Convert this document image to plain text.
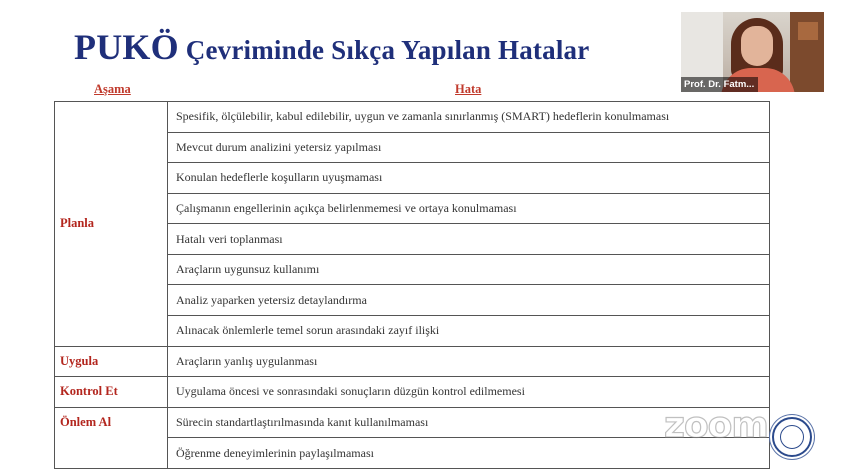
PUKÖ Çevriminde Sıkça Yapılan Hatalar
Aşama	Hata
Planla	Spesifik, ölçülebilir, kabul edilebilir, uygun ve zamanla sınırlanmış (SMART) hedeflerin konulmaması
	Mevcut durum analizini yetersiz yapılması
	Konulan hedeflerle koşulların uyuşmaması
	Çalışmanın engellerinin açıkça belirlenmemesi ve ortaya konulmaması
	Hatalı veri toplanması
	Araçların uygunsuz kullanımı
	Analiz yaparken yetersiz detaylandırma
	Alınacak önlemlerle temel sorun arasındaki zayıf ilişki
Uygula	Araçların yanlış uygulanması
Kontrol Et	Uygulama öncesi ve sonrasındaki sonuçların düzgün kontrol edilmemesi
Önlem Al	Sürecin standartlaştırılmasında kanıt kullanılmaması
	Öğrenme deneyimlerinin paylaşılmaması
Prof. Dr. Fatm...
zoom
